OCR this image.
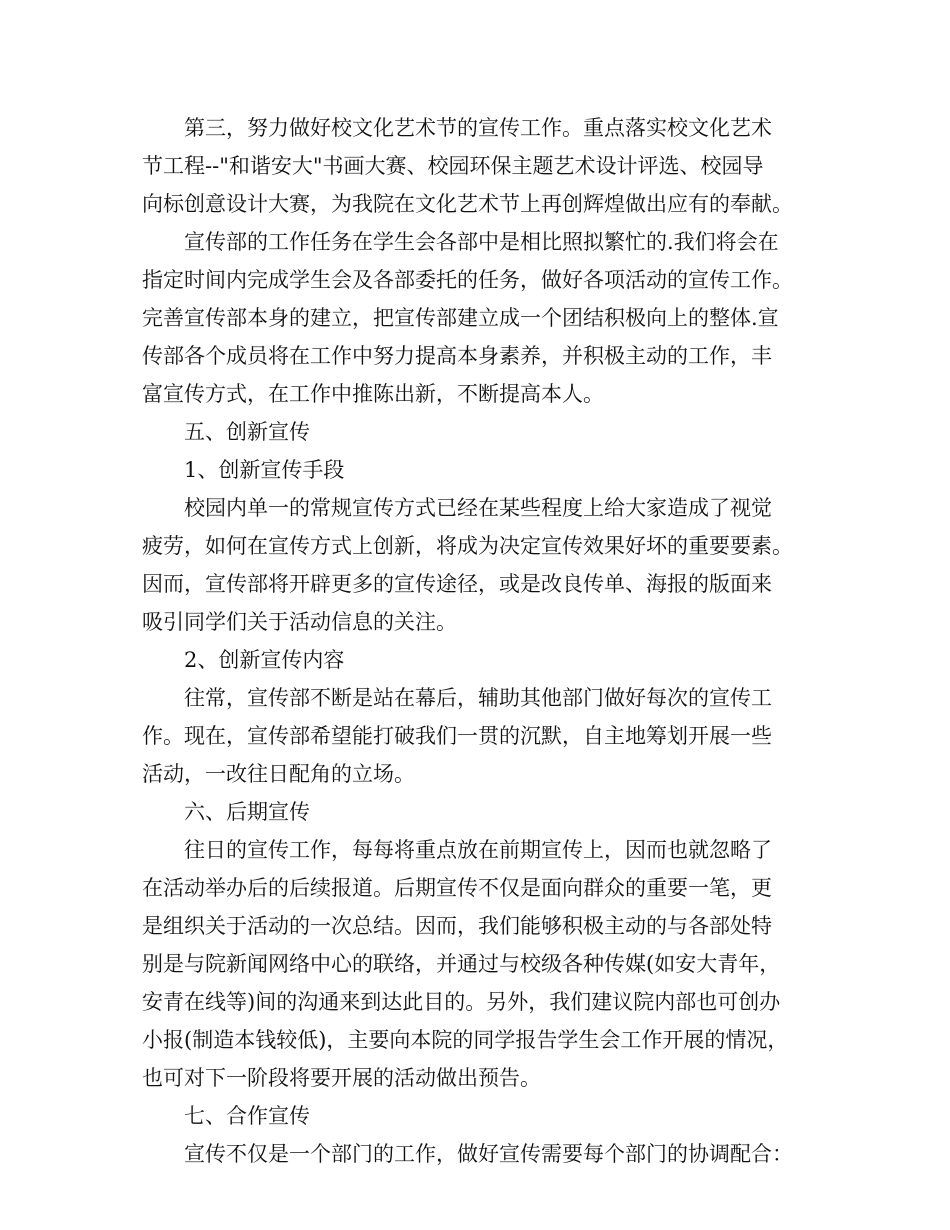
第三，努力做好校文化艺术节的宣传工作。重点落实校文化艺术
节工程--"和谐安大"书画大赛、校园环保主题艺术设计评选、校园导
向标创意设计大赛，为我院在文化艺术节上再创辉煌做出应有的奉献。
宣传部的工作任务在学生会各部中是相比照拟繁忙的.我们将会在
指定时间内完成学生会及各部委托的任务，做好各项活动的宣传工作。
完善宣传部本身的建立，把宣传部建立成一个团结积极向上的整体.宣
传部各个成员将在工作中努力提高本身素养，并积极主动的工作，丰
富宣传方式，在工作中推陈出新，不断提高本人。
五、创新宣传
1、创新宣传手段
校园内单一的常规宣传方式已经在某些程度上给大家造成了视觉
疲劳，如何在宣传方式上创新，将成为决定宣传效果好坏的重要要素。
因而，宣传部将开辟更多的宣传途径，或是改良传单、海报的版面来
吸引同学们关于活动信息的关注。
2、创新宣传内容
往常，宣传部不断是站在幕后，辅助其他部门做好每次的宣传工
作。现在，宣传部希望能打破我们一贯的沉默，自主地筹划开展一些
活动，一改往日配角的立场。
六、后期宣传
往日的宣传工作，每每将重点放在前期宣传上，因而也就忽略了
在活动举办后的后续报道。后期宣传不仅是面向群众的重要一笔，更
是组织关于活动的一次总结。因而，我们能够积极主动的与各部处特
别是与院新闻网络中心的联络，并通过与校级各种传媒(如安大青年，
安青在线等)间的沟通来到达此目的。另外，我们建议院内部也可创办
小报(制造本钱较低)，主要向本院的同学报告学生会工作开展的情况，
也可对下一阶段将要开展的活动做出预告。
七、合作宣传
宣传不仅是一个部门的工作，做好宣传需要每个部门的协调配合：
